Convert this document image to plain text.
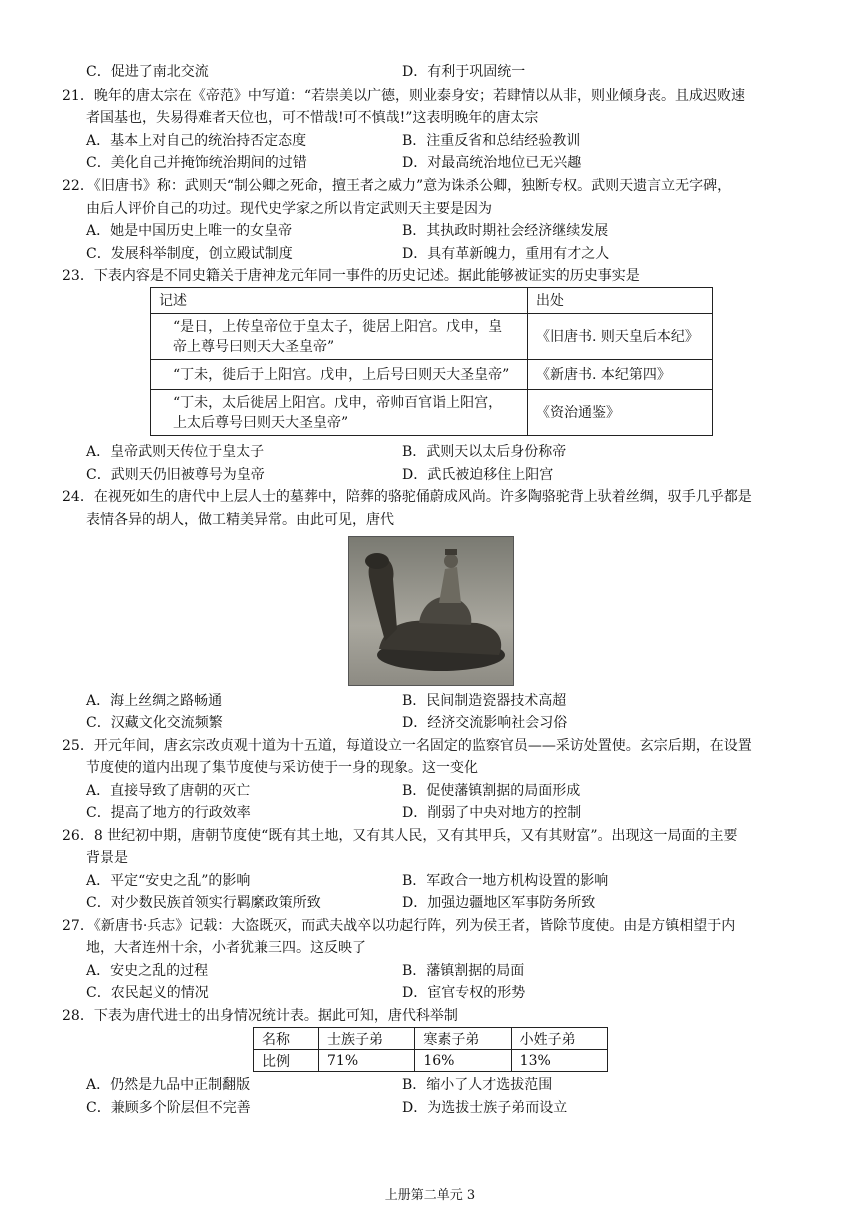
C．促进了南北交流	D．有利于巩固统一
21．晚年的唐太宗在《帝范》中写道：“若崇美以广德，则业泰身安；若肆情以从非，则业倾身丧。且成迟败速
者国基也，失易得难者天位也，可不惜哉!可不慎哉!”这表明晚年的唐太宗
A．基本上对自己的统治持否定态度	B．注重反省和总结经验教训
C．美化自己并掩饰统治期间的过错	D．对最高统治地位已无兴趣
22．《旧唐书》称：武则天“制公卿之死命，擅王者之威力”意为诛杀公卿，独断专权。武则天遗言立无字碑，
由后人评价自己的功过。现代史学家之所以肯定武则天主要是因为
A．她是中国历史上唯一的女皇帝	B．其执政时期社会经济继续发展
C．发展科举制度，创立殿试制度	D．具有革新魄力，重用有才之人
23．下表内容是不同史籍关于唐神龙元年同一事件的历史记述。据此能够被证实的历史事实是
记述	出处

“是日，上传皇帝位于皇太子，徙居上阳宫。戊申，皇
帝上尊号曰则天大圣皇帝”	《旧唐书. 则天皇后本纪》

“丁未，徙后于上阳宫。戊申，上后号曰则天大圣皇帝”	《新唐书. 本纪第四》

“丁未，太后徙居上阳宫。戊申，帝帅百官诣上阳宫，
上太后尊号曰则天大圣皇帝”	《资治通鉴》
A．皇帝武则天传位于皇太子	B．武则天以太后身份称帝
C．武则天仍旧被尊号为皇帝	D．武氏被迫移住上阳宫
24．在视死如生的唐代中上层人士的墓葬中，陪葬的骆驼俑蔚成风尚。许多陶骆驼背上驮着丝绸，驭手几乎都是
表情各异的胡人，做工精美异常。由此可见，唐代
A．海上丝绸之路畅通	B．民间制造瓷器技术高超
C．汉藏文化交流频繁	D．经济交流影响社会习俗
25．开元年间，唐玄宗改贞观十道为十五道，每道设立一名固定的监察官员——采访处置使。玄宗后期，在设置
节度使的道内出现了集节度使与采访使于一身的现象。这一变化
A．直接导致了唐朝的灭亡	B．促使藩镇割据的局面形成
C．提高了地方的行政效率	D．削弱了中央对地方的控制
26．8 世纪初中期，唐朝节度使“既有其土地，又有其人民，又有其甲兵，又有其财富”。出现这一局面的主要
背景是
A．平定“安史之乱”的影响	B．军政合一地方机构设置的影响
C．对少数民族首领实行羁縻政策所致	D．加强边疆地区军事防务所致
27．《新唐书·兵志》记载：大盗既灭，而武夫战卒以功起行阵，列为侯王者，皆除节度使。由是方镇相望于内
地，大者连州十余，小者犹兼三四。这反映了
A．安史之乱的过程	B．藩镇割据的局面
C．农民起义的情况	D．宦官专权的形势
28．下表为唐代进士的出身情况统计表。据此可知，唐代科举制
名称	士族子弟	寒素子弟	小姓子弟
比例	71%	16%	13%
A．仍然是九品中正制翻版	B．缩小了人才选拔范围
C．兼顾多个阶层但不完善	D．为选拔士族子弟而设立
上册第二单元 3
